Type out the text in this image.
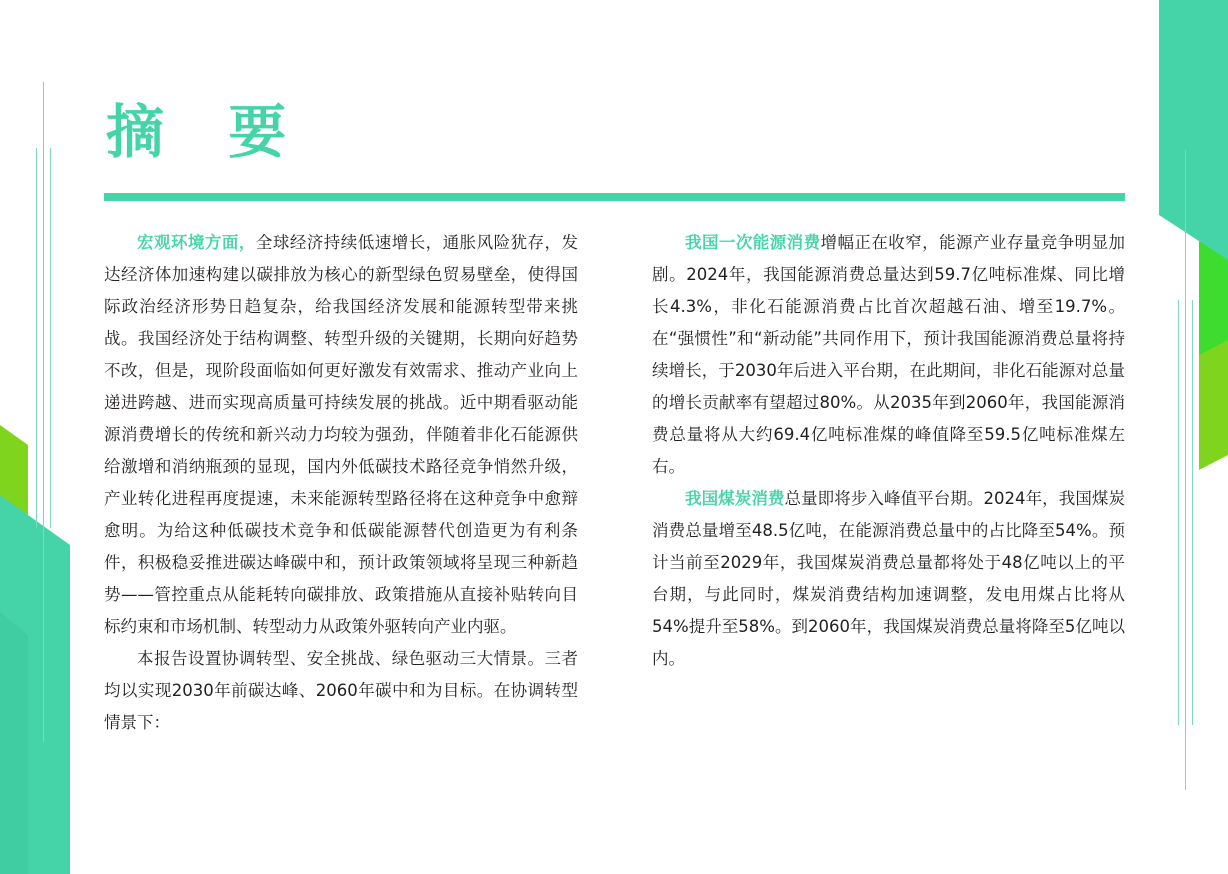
摘 要

宏观环境方面，全球经济持续低速增长，通胀风险犹存，发达经济体加速构建以碳排放为核心的新型绿色贸易壁垒，使得国际政治经济形势日趋复杂，给我国经济发展和能源转型带来挑战。我国经济处于结构调整、转型升级的关键期，长期向好趋势不改，但是，现阶段面临如何更好激发有效需求、推动产业向上递进跨越、进而实现高质量可持续发展的挑战。近中期看驱动能源消费增长的传统和新兴动力均较为强劲，伴随着非化石能源供给激增和消纳瓶颈的显现，国内外低碳技术路径竞争悄然升级，产业转化进程再度提速，未来能源转型路径将在这种竞争中愈辩愈明。为给这种低碳技术竞争和低碳能源替代创造更为有利条件，积极稳妥推进碳达峰碳中和，预计政策领域将呈现三种新趋势——管控重点从能耗转向碳排放、政策措施从直接补贴转向目标约束和市场机制、转型动力从政策外驱转向产业内驱。

本报告设置协调转型、安全挑战、绿色驱动三大情景。三者均以实现2030年前碳达峰、2060年碳中和为目标。在协调转型情景下：

我国一次能源消费增幅正在收窄，能源产业存量竞争明显加剧。2024年，我国能源消费总量达到59.7亿吨标准煤、同比增长4.3%，非化石能源消费占比首次超越石油、增至19.7%。在“强惯性”和“新动能”共同作用下，预计我国能源消费总量将持续增长，于2030年后进入平台期，在此期间，非化石能源对总量的增长贡献率有望超过80%。从2035年到2060年，我国能源消费总量将从大约69.4亿吨标准煤的峰值降至59.5亿吨标准煤左右。

我国煤炭消费总量即将步入峰值平台期。2024年，我国煤炭消费总量增至48.5亿吨，在能源消费总量中的占比降至54%。预计当前至2029年，我国煤炭消费总量都将处于48亿吨以上的平台期，与此同时，煤炭消费结构加速调整，发电用煤占比将从54%提升至58%。到2060年，我国煤炭消费总量将降至5亿吨以内。
